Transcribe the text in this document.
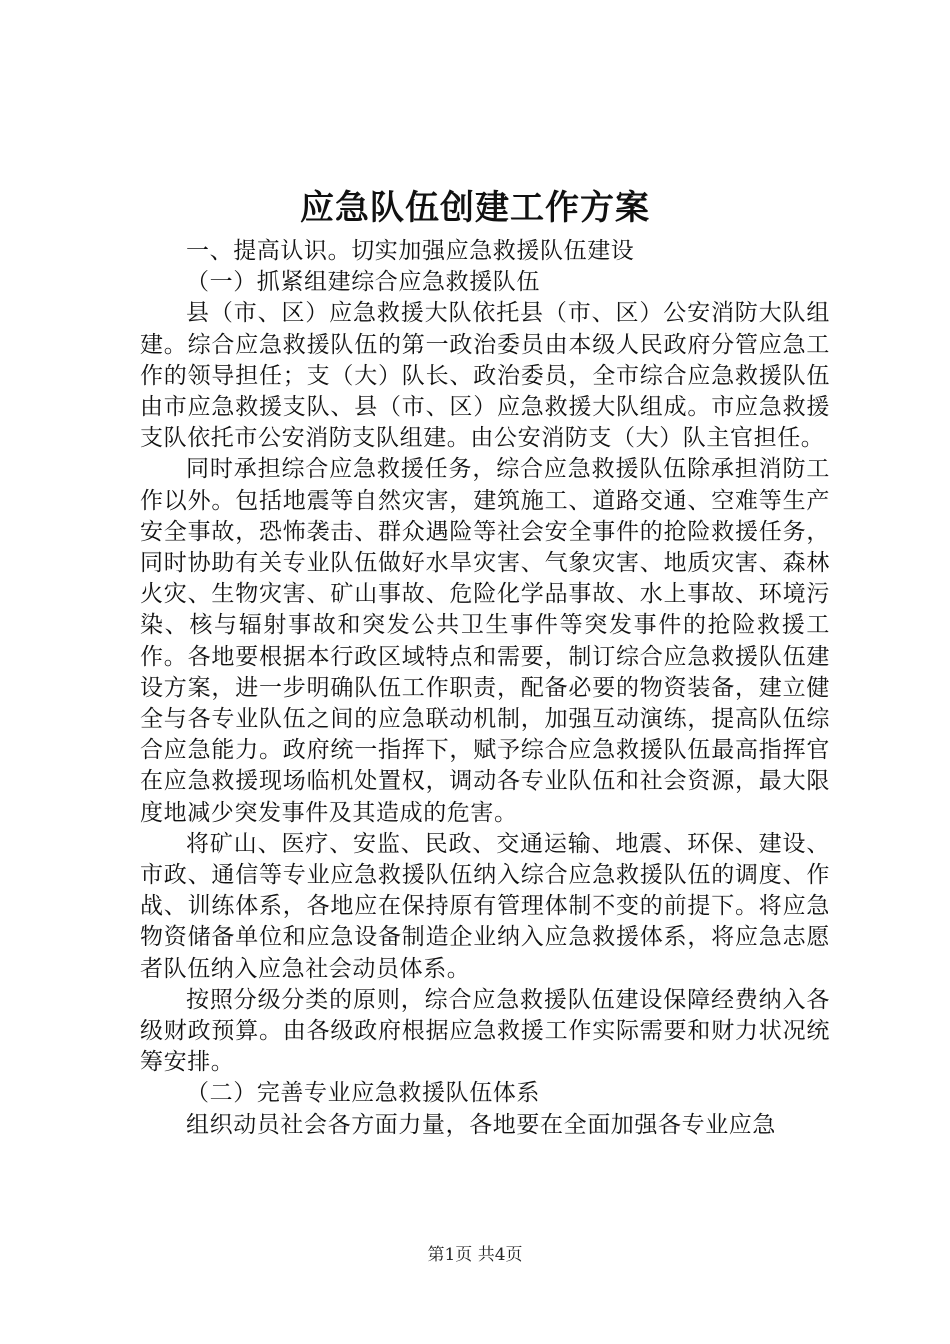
应急队伍创建工作方案

一、提高认识。切实加强应急救援队伍建设

（一）抓紧组建综合应急救援队伍

县（市、区）应急救援大队依托县（市、区）公安消防大队组建。综合应急救援队伍的第一政治委员由本级人民政府分管应急工作的领导担任；支（大）队长、政治委员，全市综合应急救援队伍由市应急救援支队、县（市、区）应急救援大队组成。市应急救援支队依托市公安消防支队组建。由公安消防支（大）队主官担任。

同时承担综合应急救援任务，综合应急救援队伍除承担消防工作以外。包括地震等自然灾害，建筑施工、道路交通、空难等生产安全事故，恐怖袭击、群众遇险等社会安全事件的抢险救援任务，同时协助有关专业队伍做好水旱灾害、气象灾害、地质灾害、森林火灾、生物灾害、矿山事故、危险化学品事故、水上事故、环境污染、核与辐射事故和突发公共卫生事件等突发事件的抢险救援工作。各地要根据本行政区域特点和需要，制订综合应急救援队伍建设方案，进一步明确队伍工作职责，配备必要的物资装备，建立健全与各专业队伍之间的应急联动机制，加强互动演练，提高队伍综合应急能力。政府统一指挥下，赋予综合应急救援队伍最高指挥官在应急救援现场临机处置权，调动各专业队伍和社会资源，最大限度地减少突发事件及其造成的危害。

将矿山、医疗、安监、民政、交通运输、地震、环保、建设、市政、通信等专业应急救援队伍纳入综合应急救援队伍的调度、作战、训练体系，各地应在保持原有管理体制不变的前提下。将应急物资储备单位和应急设备制造企业纳入应急救援体系，将应急志愿者队伍纳入应急社会动员体系。

按照分级分类的原则，综合应急救援队伍建设保障经费纳入各级财政预算。由各级政府根据应急救援工作实际需要和财力状况统筹安排。

（二）完善专业应急救援队伍体系

组织动员社会各方面力量，各地要在全面加强各专业应急

第1页 共4页
